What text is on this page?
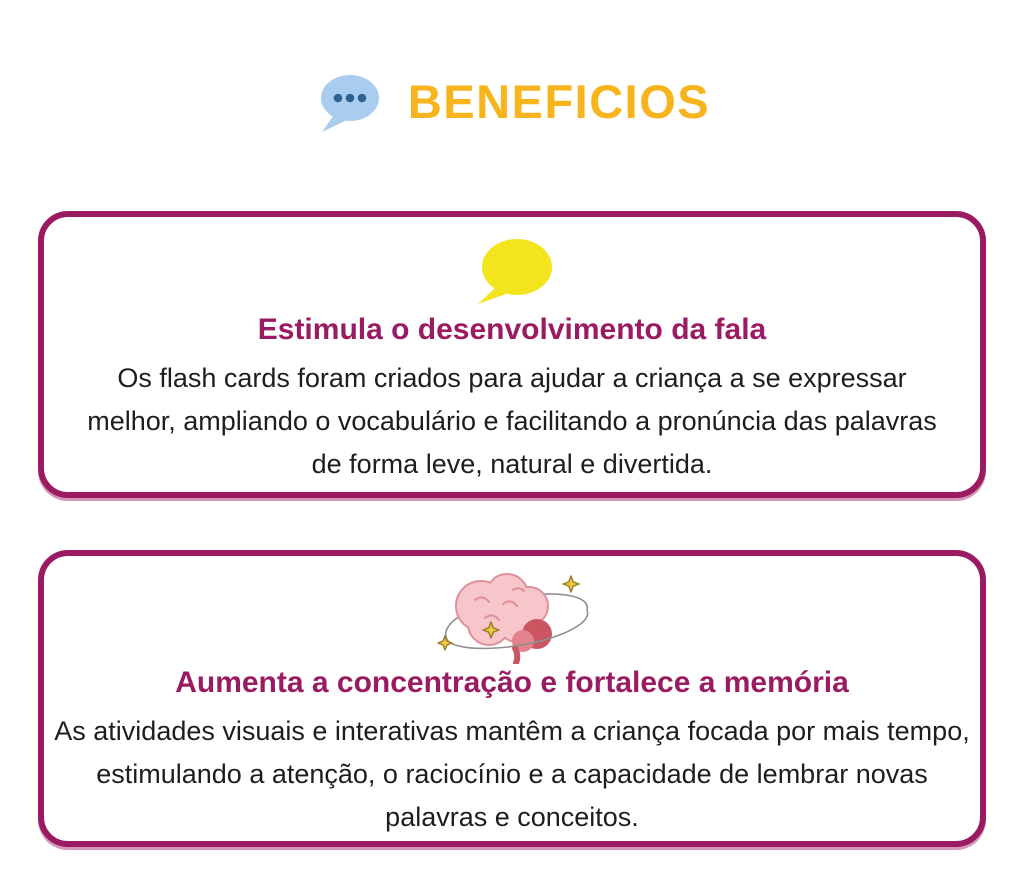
BENEFICIOS
Estimula o desenvolvimento da fala

Os flash cards foram criados para ajudar a criança a se expressar melhor, ampliando o vocabulário e facilitando a pronúncia das palavras de forma leve, natural e divertida.

Aumenta a concentração e fortalece a memória

As atividades visuais e interativas mantêm a criança focada por mais tempo, estimulando a atenção, o raciocínio e a capacidade de lembrar novas palavras e conceitos.
